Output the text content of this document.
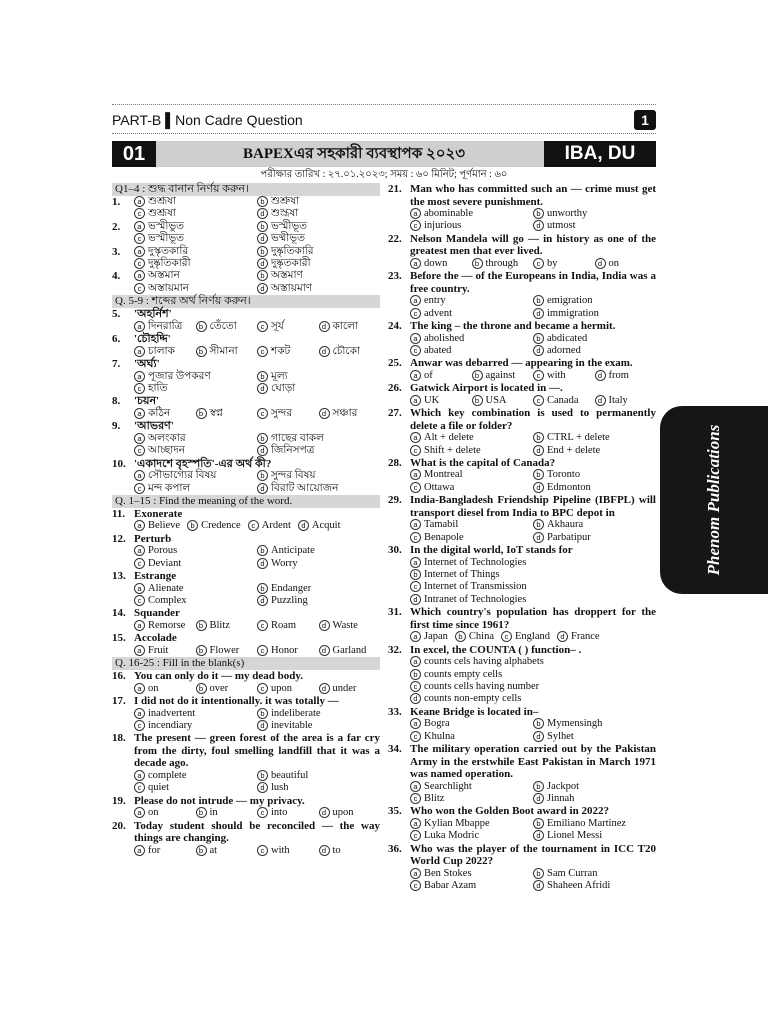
PART-B ▌Non Cadre Question	1
01	BAPEXএর সহকারী ব্যবস্থাপক ২০২৩	IBA, DU
পরীক্ষার তারিখ : ২৭.০১.২০২৩; সময় : ৬০ মিনিট; পূর্ণমান : ৬০
Q1–4 : শুদ্ধ বানান নির্ণয় করুন।
1.	a শুশ্রূষা	b শুশ্রুষা
c শুশ্রূষা	d শুস্রূষা
2.	a ভস্মীভুত	b ভস্মীভূত
c ভস্মীভূত	d ভষ্মীভূত
3.	a দুস্কৃতকারি	b দুষ্কৃতিকারি
c দুষ্কৃতিকারী	d দুষ্কৃতকারী
4.	a অস্তমান	b অস্তমাণ
c অস্তায়মান	d অস্তায়মাণ
Q. 5-9 : শব্দের অর্থ নির্ণয় করুন।
5. 'অহর্নিশ'
a দিনরাত্রি	b তেঁতো	c সূর্য	d কালো
6. 'চৌহদ্দি'
a চালাক	b সীমানা	c শকট	d চৌকো
7. 'অর্ঘ্য'
a পূজার উপকরণ	b মূল্য
c হাতি	d ঘোড়া
8. 'চয়ন'
a কঠিন	b স্বপ্ন	c সুন্দর	d সঞ্চার
9. 'আভরণ'
a অলংকার	b গাছের বাকল
c আচ্ছাদন	d জিনিসপত্র
10. 'একাদশে বৃহস্পতি'-এর অর্থ কী?
a সৌভাগ্যের বিষয়	b সুন্দর বিষয়
c মন্দ কপাল	d বিরাট আয়োজন
Q. 1–15 : Find the meaning of the word.
11. Exonerate
a Believe	b Credence	c Ardent	d Acquit
12. Perturb
a Porous	b Anticipate
c Deviant	d Worry
13. Estrange
a Alienate	b Endanger
c Complex	d Puzzling
14. Squander
a Remorse	b Blitz	c Roam	d Waste
15. Accolade
a Fruit	b Flower	c Honor	d Garland
Q. 16-25 : Fill in the blank(s)
16. You can only do it — my dead body.
a on	b over	c upon	d under
17. I did not do it intentionally. it was totally —
a inadvertent	b indeliberate
c incendiary	d inevitable
18. The present — green forest of the area is a far cry from the dirty, foul smelling landfill that it was a decade ago.
a complete	b beautiful
c quiet	d lush
19. Please do not intrude — my privacy.
a on	b in	c into	d upon
20. Today student should be reconciled — the way things are changing.
a for	b at	c with	d to
21. Man who has committed such an — crime must get the most severe punishment.
a abominable	b unworthy
c injurious	d utmost
22. Nelson Mandela will go — in history as one of the greatest men that ever lived.
a down	b through	c by	d on
23. Before the — of the Europeans in India, India was a free country.
a entry	b emigration
c advent	d immigration
24. The king – the throne and became a hermit.
a abolished	b abdicated
c abated	d adorned
25. Anwar was debarred — appearing in the exam.
a of	b against	c with	d from
26. Gatwick Airport is located in —.
a UK	b USA	c Canada	d Italy
27. Which key combination is used to permanently delete a file or folder?
a Alt + delete	b CTRL + delete
c Shift + delete	d End + delete
28. What is the capital of Canada?
a Montreal	b Toronto
c Ottawa	d Edmonton
29. India-Bangladesh Friendship Pipeline (IBFPL) will transport diesel from India to BPC depot in
a Tamabil	b Akhaura
c Benapole	d Parbatipur
30. In the digital world, IoT stands for
a Internet of Technologies
b Internet of Things
c Internet of Transmission
d Intranet of Technologies
31. Which country's population has droppert for the first time since 1961?
a Japan	b China	c England	d France
32. In excel, the COUNTA ( ) function– .
a counts cels having alphabets
b counts empty cells
c counts cells having number
d counts non-empty cells
33. Keane Bridge is located in–
a Bogra	b Mymensingh
c Khulna	d Sylhet
34. The military operation carried out by the Pakistan Army in the erstwhile East Pakistan in March 1971 was named operation.
a Searchlight	b Jackpot
c Blitz	d Jinnah
35. Who won the Golden Boot award in 2022?
a Kylian Mbappe	b Emiliano Martinez
c Luka Modric	d Lionel Messi
36. Who was the player of the tournament in ICC T20 World Cup 2022?
a Ben Stokes	b Sam Curran
c Babar Azam	d Shaheen Afridi
Phenom Publications
